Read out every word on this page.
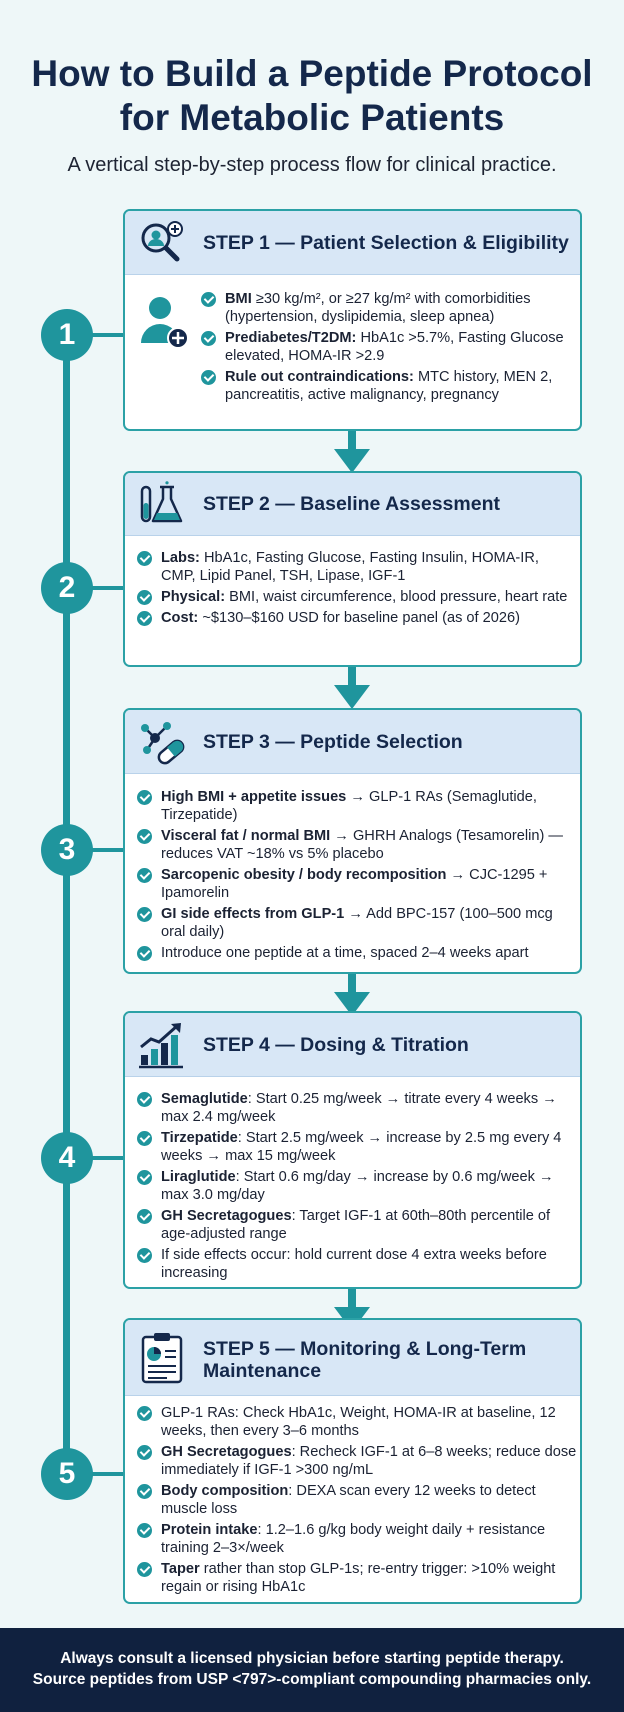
How to Build a Peptide Protocol
for Metabolic Patients
A vertical step-by-step process flow for clinical practice.
1
STEP 1 — Patient Selection & Eligibility
BMI ≥30 kg/m², or ≥27 kg/m² with comorbidities (hypertension, dyslipidemia, sleep apnea)
Prediabetes/T2DM: HbA1c >5.7%, Fasting Glucose elevated, HOMA-IR >2.9
Rule out contraindications: MTC history, MEN 2, pancreatitis, active malignancy, pregnancy
2
STEP 2 — Baseline Assessment
Labs: HbA1c, Fasting Glucose, Fasting Insulin, HOMA-IR, CMP, Lipid Panel, TSH, Lipase, IGF-1
Physical: BMI, waist circumference, blood pressure, heart rate
Cost: ~$130–$160 USD for baseline panel (as of 2026)
3
STEP 3 — Peptide Selection
High BMI + appetite issues → GLP-1 RAs (Semaglutide, Tirzepatide)
Visceral fat / normal BMI → GHRH Analogs (Tesamorelin) — reduces VAT ~18% vs 5% placebo
Sarcopenic obesity / body recomposition → CJC-1295 + Ipamorelin
GI side effects from GLP-1 → Add BPC-157 (100–500 mcg oral daily)
Introduce one peptide at a time, spaced 2–4 weeks apart
4
STEP 4 — Dosing & Titration
Semaglutide: Start 0.25 mg/week → titrate every 4 weeks → max 2.4 mg/week
Tirzepatide: Start 2.5 mg/week → increase by 2.5 mg every 4 weeks → max 15 mg/week
Liraglutide: Start 0.6 mg/day → increase by 0.6 mg/week → max 3.0 mg/day
GH Secretagogues: Target IGF-1 at 60th–80th percentile of age-adjusted range
If side effects occur: hold current dose 4 extra weeks before increasing
5
STEP 5 — Monitoring & Long-Term Maintenance
GLP-1 RAs: Check HbA1c, Weight, HOMA-IR at baseline, 12 weeks, then every 3–6 months
GH Secretagogues: Recheck IGF-1 at 6–8 weeks; reduce dose immediately if IGF-1 >300 ng/mL
Body composition: DEXA scan every 12 weeks to detect muscle loss
Protein intake: 1.2–1.6 g/kg body weight daily + resistance training 2–3×/week
Taper rather than stop GLP-1s; re-entry trigger: >10% weight regain or rising HbA1c
Always consult a licensed physician before starting peptide therapy.
Source peptides from USP <797>-compliant compounding pharmacies only.
